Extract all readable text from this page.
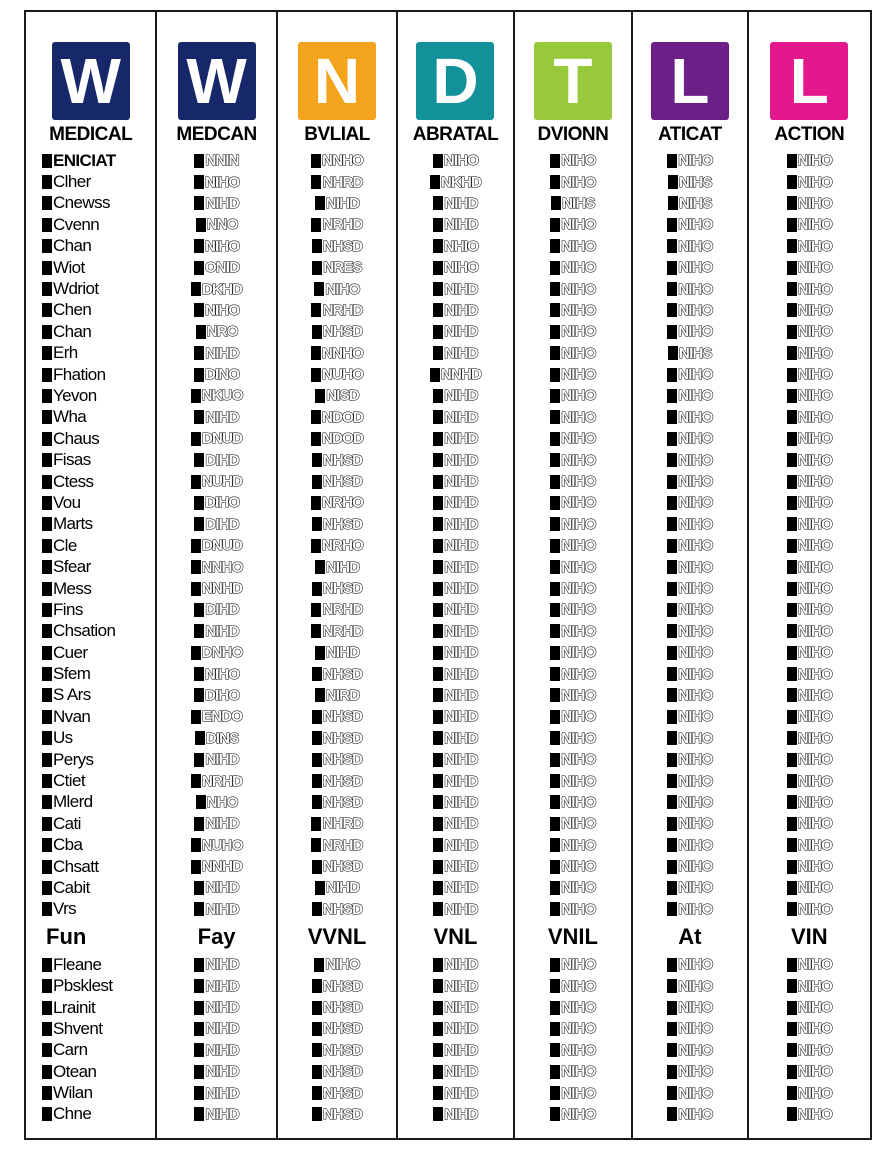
W
MEDICAL
ENICIAT
Clher
Cnewss
Cvenn
Chan
Wiot
Wdriot
Chen
Chan
Erh
Fhation
Yevon
Wha
Chaus
Fisas
Ctess
Vou
Marts
Cle
Sfear
Mess
Fins
Chsation
Cuer
Sfem
S Ars
Nvan
Us
Perys
Ctiet
Mlerd
Cati
Cba
Chsatt
Cabit
Vrs
Fun
Fleane
Pbsklest
Lrainit
Shvent
Carn
Otean
Wilan
Chne
W
MEDCAN
NNIN
NIHO
NIHD
NNO
NIHO
ONID
DKHD
NIHO
NRO
NIHD
DINO
NKUO
NIHD
DNUD
DIHD
NUHD
DIHO
DIHD
DNUD
NNHO
NNHD
DIHD
NIHD
DNHO
NIHO
DIHO
ENDO
DINS
NIHD
NRHD
NHO
NIHD
NUHO
NNHD
NIHD
NIHD
Fay
NIHD
NIHD
NIHD
NIHD
NIHD
NIHD
NIHD
NIHD
N
BVLIAL
NNHO
NHRD
NIHD
NRHD
NHSD
NRES
NIHO
NRHD
NHSD
NNHO
NUHO
NISD
NDOD
NDOD
NHSD
NHSD
NRHO
NHSD
NRHO
NIHD
NHSD
NRHD
NRHD
NIHD
NHSD
NIRD
NHSD
NHSD
NHSD
NHSD
NHSD
NHRD
NRHD
NHSD
NIHD
NHSD
VVNL
NIHO
NHSD
NHSD
NHSD
NHSD
NHSD
NHSD
NHSD
D
ABRATAL
NIHO
NKHD
NIHD
NIHD
NHIO
NIHO
NIHD
NIHD
NIHD
NIHD
NNHD
NIHD
NIHD
NIHD
NIHD
NIHD
NIHD
NIHD
NIHD
NIHD
NIHD
NIHD
NIHD
NIHD
NIHD
NIHD
NIHD
NIHD
NIHD
NIHD
NIHD
NIHD
NIHD
NIHD
NIHD
NIHD
VNL
NIHD
NIHD
NIHD
NIHD
NIHD
NIHD
NIHD
NIHD
T
DVIONN
NIHO
NIHO
NIHS
NIHO
NIHO
NIHO
NIHO
NIHO
NIHO
NIHO
NIHO
NIHO
NIHO
NIHO
NIHO
NIHO
NIHO
NIHO
NIHO
NIHO
NIHO
NIHO
NIHO
NIHO
NIHO
NIHO
NIHO
NIHO
NIHO
NIHO
NIHO
NIHO
NIHO
NIHO
NIHO
NIHO
VNIL
NIHO
NIHO
NIHO
NIHO
NIHO
NIHO
NIHO
NIHO
L
ATICAT
NIHO
NIHS
NIHS
NIHO
NIHO
NIHO
NIHO
NIHO
NIHO
NIHS
NIHO
NIHO
NIHO
NIHO
NIHO
NIHO
NIHO
NIHO
NIHO
NIHO
NIHO
NIHO
NIHO
NIHO
NIHO
NIHO
NIHO
NIHO
NIHO
NIHO
NIHO
NIHO
NIHO
NIHO
NIHO
NIHO
At
NIHO
NIHO
NIHO
NIHO
NIHO
NIHO
NIHO
NIHO
L
ACTION
NIHO
NIHO
NIHO
NIHO
NIHO
NIHO
NIHO
NIHO
NIHO
NIHO
NIHO
NIHO
NIHO
NIHO
NIHO
NIHO
NIHO
NIHO
NIHO
NIHO
NIHO
NIHO
NIHO
NIHO
NIHO
NIHO
NIHO
NIHO
NIHO
NIHO
NIHO
NIHO
NIHO
NIHO
NIHO
NIHO
VIN
NIHO
NIHO
NIHO
NIHO
NIHO
NIHO
NIHO
NIHO
